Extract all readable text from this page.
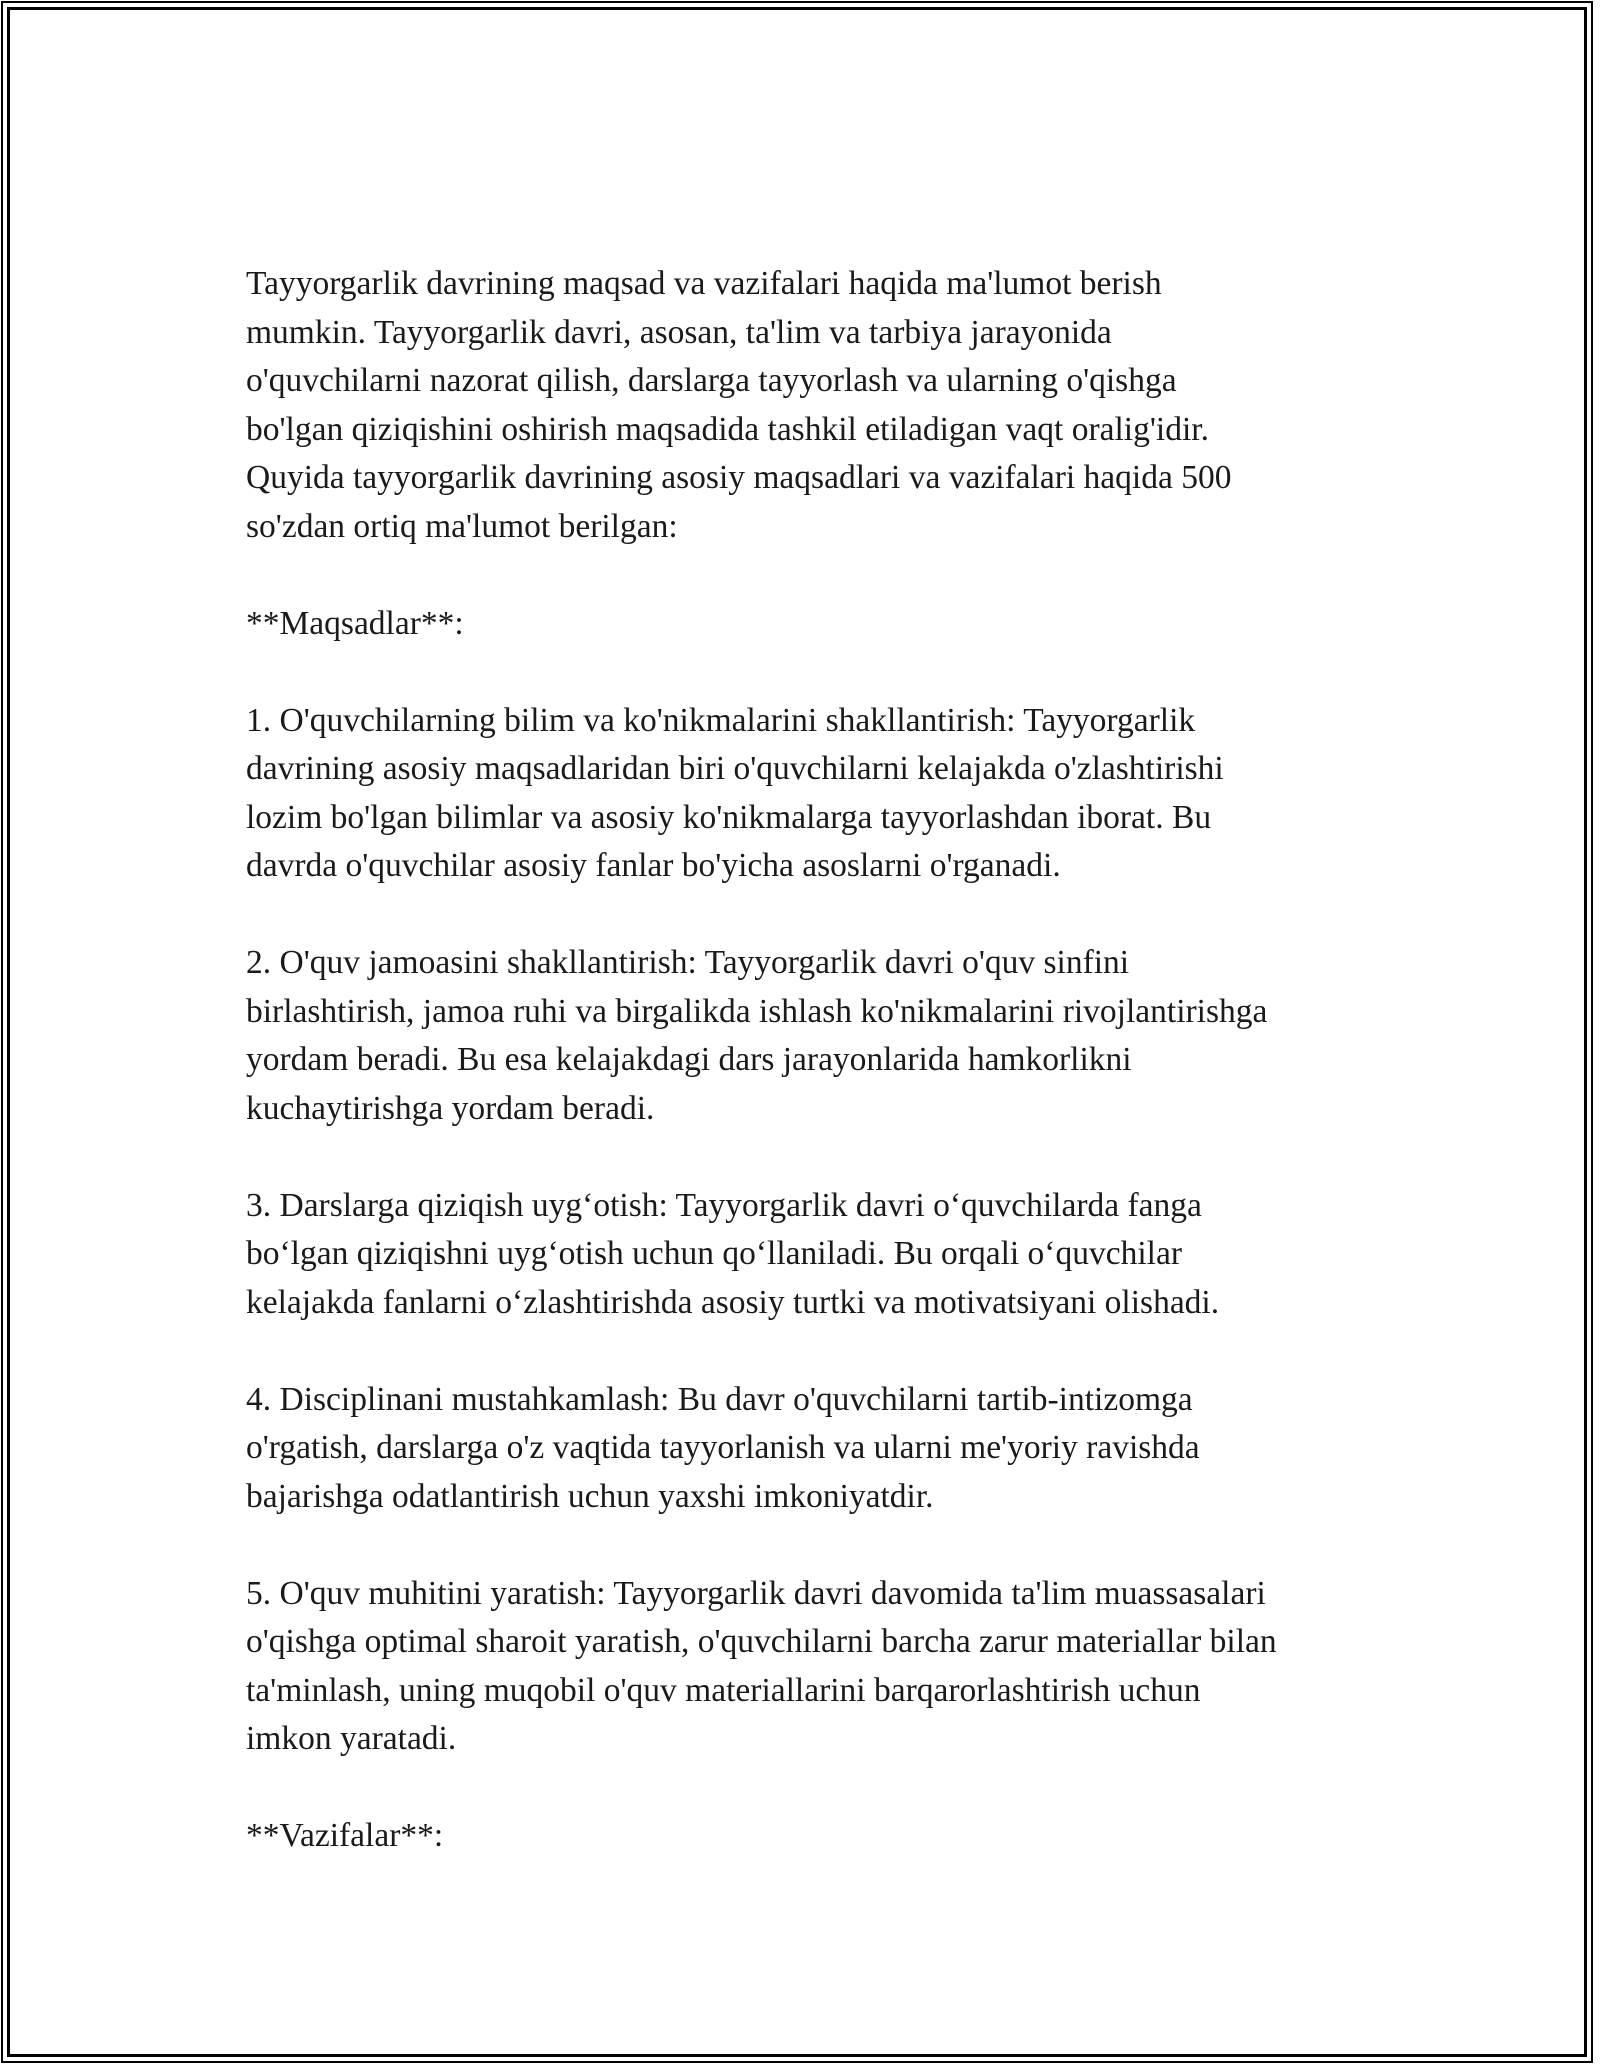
Tayyorgarlik davrining maqsad va vazifalari haqida ma'lumot berish
mumkin. Tayyorgarlik davri, asosan, ta'lim va tarbiya jarayonida
o'quvchilarni nazorat qilish, darslarga tayyorlash va ularning o'qishga
bo'lgan qiziqishini oshirish maqsadida tashkil etiladigan vaqt oralig'idir.
Quyida tayyorgarlik davrining asosiy maqsadlari va vazifalari haqida 500
so'zdan ortiq ma'lumot berilgan:

**Maqsadlar**:

1. O'quvchilarning bilim va ko'nikmalarini shakllantirish: Tayyorgarlik
davrining asosiy maqsadlaridan biri o'quvchilarni kelajakda o'zlashtirishi
lozim bo'lgan bilimlar va asosiy ko'nikmalarga tayyorlashdan iborat. Bu
davrda o'quvchilar asosiy fanlar bo'yicha asoslarni o'rganadi.

2. O'quv jamoasini shakllantirish: Tayyorgarlik davri o'quv sinfini
birlashtirish, jamoa ruhi va birgalikda ishlash ko'nikmalarini rivojlantirishga
yordam beradi. Bu esa kelajakdagi dars jarayonlarida hamkorlikni
kuchaytirishga yordam beradi.

3. Darslarga qiziqish uyg‘otish: Tayyorgarlik davri o‘quvchilarda fanga
bo‘lgan qiziqishni uyg‘otish uchun qo‘llaniladi. Bu orqali o‘quvchilar
kelajakda fanlarni o‘zlashtirishda asosiy turtki va motivatsiyani olishadi.

4. Disciplinani mustahkamlash: Bu davr o'quvchilarni tartib-intizomga
o'rgatish, darslarga o'z vaqtida tayyorlanish va ularni me'yoriy ravishda
bajarishga odatlantirish uchun yaxshi imkoniyatdir.

5. O'quv muhitini yaratish: Tayyorgarlik davri davomida ta'lim muassasalari
o'qishga optimal sharoit yaratish, o'quvchilarni barcha zarur materiallar bilan
ta'minlash, uning muqobil o'quv materiallarini barqarorlashtirish uchun
imkon yaratadi.

**Vazifalar**:
